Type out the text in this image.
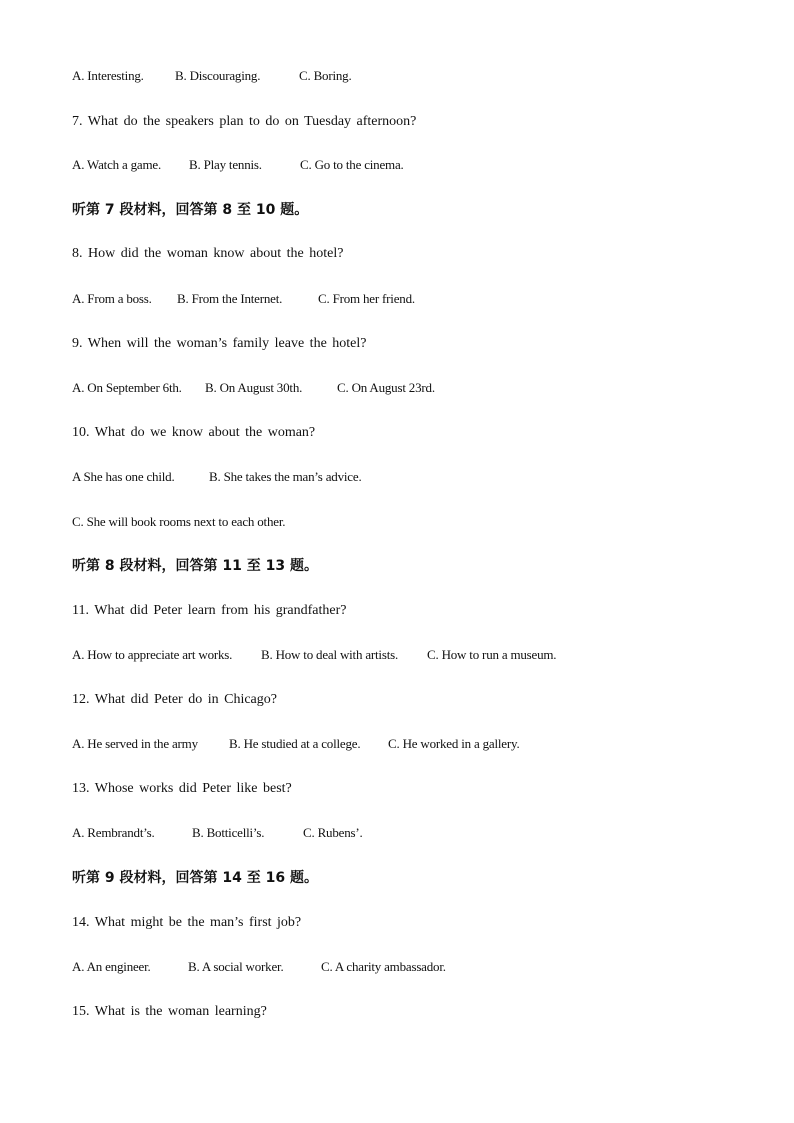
A. Interesting. B. Discouraging.	C. Boring.
7. What do the speakers plan to do on Tuesday afternoon?
A. Watch a game. B. Play tennis.	C. Go to the cinema.
听第 7 段材料，回答第 8 至 10 题。
8. How did the woman know about the hotel?
A. From a boss. B. From the Internet.	C. From her friend.
9. When will the woman’s family leave the hotel?
A. On September 6th. B. On August 30th.	C. On August 23rd.
10. What do we know about the woman?
A She has one child.	B. She takes the man’s advice.
C. She will book rooms next to each other.
听第 8 段材料，回答第 11 至 13 题。
11. What did Peter learn from his grandfather?
A. How to appreciate art works. B. How to deal with artists. C. How to run a museum.
12. What did Peter do in Chicago?
A. He served in the army B. He studied at a college. C. He worked in a gallery.
13. Whose works did Peter like best?
A. Rembrandt’s.	B. Botticelli’s.	C. Rubens’.
听第 9 段材料，回答第 14 至 16 题。
14. What might be the man’s first job?
A. An engineer.	B. A social worker.	C. A charity ambassador.
15. What is the woman learning?
